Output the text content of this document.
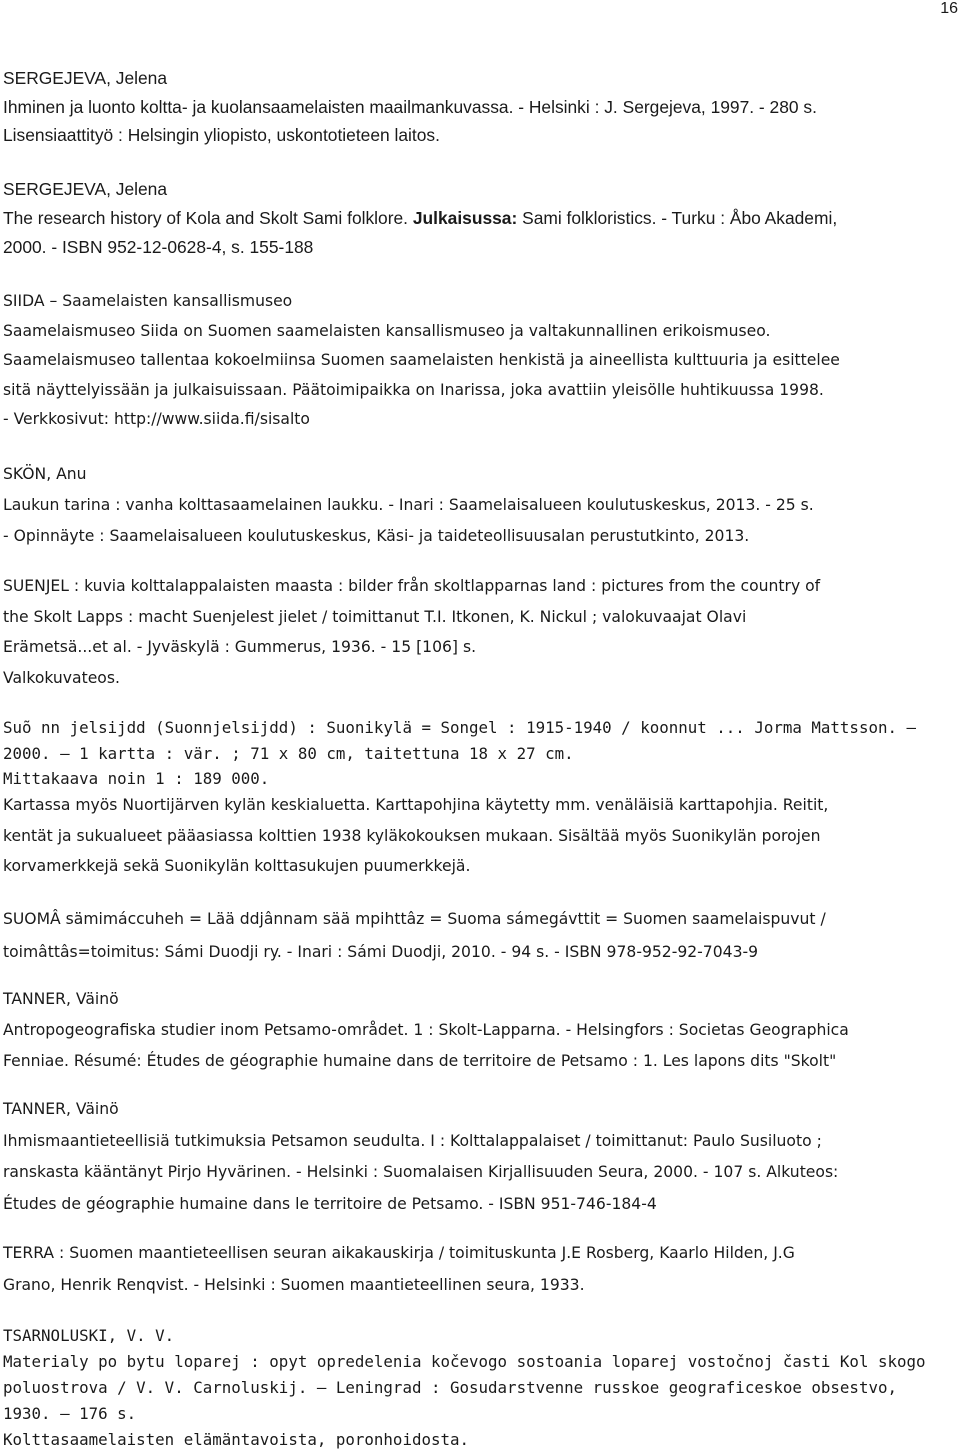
16
SERGEJEVA, Jelena
Ihminen ja luonto koltta- ja kuolansaamelaisten maailmankuvassa. - Helsinki : J. Sergejeva, 1997. - 280 s.
Lisensiaattityö : Helsingin yliopisto, uskontotieteen laitos.
SERGEJEVA, Jelena
The research history of Kola and Skolt Sami folklore. Julkaisussa: Sami folkloristics. - Turku : Åbo Akademi,
2000. - ISBN 952-12-0628-4, s. 155-188
SIIDA – Saamelaisten kansallismuseo
Saamelaismuseo Siida on Suomen saamelaisten kansallismuseo ja valtakunnallinen erikoismuseo.
Saamelaismuseo tallentaa kokoelmiinsa Suomen saamelaisten henkistä ja aineellista kulttuuria ja esittelee
sitä näyttelyissään ja julkaisuissaan. Päätoimipaikka on Inarissa, joka avattiin yleisölle huhtikuussa 1998.
- Verkkosivut: http://www.siida.fi/sisalto
SKÖN, Anu
Laukun tarina : vanha kolttasaamelainen laukku. - Inari : Saamelaisalueen koulutuskeskus, 2013. - 25 s.
- Opinnäyte : Saamelaisalueen koulutuskeskus, Käsi- ja taideteollisuusalan perustutkinto, 2013.
SUENJEL : kuvia kolttalappalaisten maasta : bilder från skoltlapparnas land : pictures from the country of
the Skolt Lapps : macht Suenjelest jielet / toimittanut T.I. Itkonen, K. Nickul ; valokuvaajat Olavi
Erämetsä...et al. - Jyväskylä : Gummerus, 1936. - 15 [106] s.
Valkokuvateos.
Suõ nn jelsijdd (Suonnjelsijdd) : Suonikylä = Songel : 1915-1940 / koonnut ... Jorma Mattsson. –
2000. – 1 kartta : vär. ; 71 x 80 cm, taitettuna 18 x 27 cm.
Mittakaava noin 1 : 189 000.
Kartassa myös Nuortijärven kylän keskialuetta. Karttapohjina käytetty mm. venäläisiä karttapohjia. Reitit,
kentät ja sukualueet pääasiassa kolttien 1938 kyläkokouksen mukaan. Sisältää myös Suonikylän porojen
korvamerkkejä sekä Suonikylän kolttasukujen puumerkkejä.
SUOMÂ sämimáccuheh = Lää ddjânnam sää mpihttâz = Suoma sámegávttit = Suomen saamelaispuvut /
toimâttâs=toimitus: Sámi Duodji ry. - Inari : Sámi Duodji, 2010. - 94 s. - ISBN 978-952-92-7043-9
TANNER, Väinö
Antropogeografiska studier inom Petsamo-området. 1 : Skolt-Lapparna. - Helsingfors : Societas Geographica
Fenniae. Résumé: Études de géographie humaine dans de territoire de Petsamo : 1. Les lapons dits "Skolt"
TANNER, Väinö
Ihmismaantieteellisiä tutkimuksia Petsamon seudulta. I : Kolttalappalaiset / toimittanut: Paulo Susiluoto ;
ranskasta kääntänyt Pirjo Hyvärinen. - Helsinki : Suomalaisen Kirjallisuuden Seura, 2000. - 107 s. Alkuteos:
Études de géographie humaine dans le territoire de Petsamo. - ISBN 951-746-184-4
TERRA : Suomen maantieteellisen seuran aikakauskirja / toimituskunta J.E Rosberg, Kaarlo Hilden, J.G
Grano, Henrik Renqvist. - Helsinki : Suomen maantieteellinen seura, 1933.
TSARNOLUSKI, V. V.
Materialy po bytu loparej : opyt opredelenia kočevogo sostoania loparej vostočnoj časti Kol skogo
poluostrova / V. V. Carnoluskij. – Leningrad : Gosudarstvenne russkoe geograficeskoe obsestvo,
1930. – 176 s.
Kolttasaamelaisten elämäntavoista, poronhoidosta.
